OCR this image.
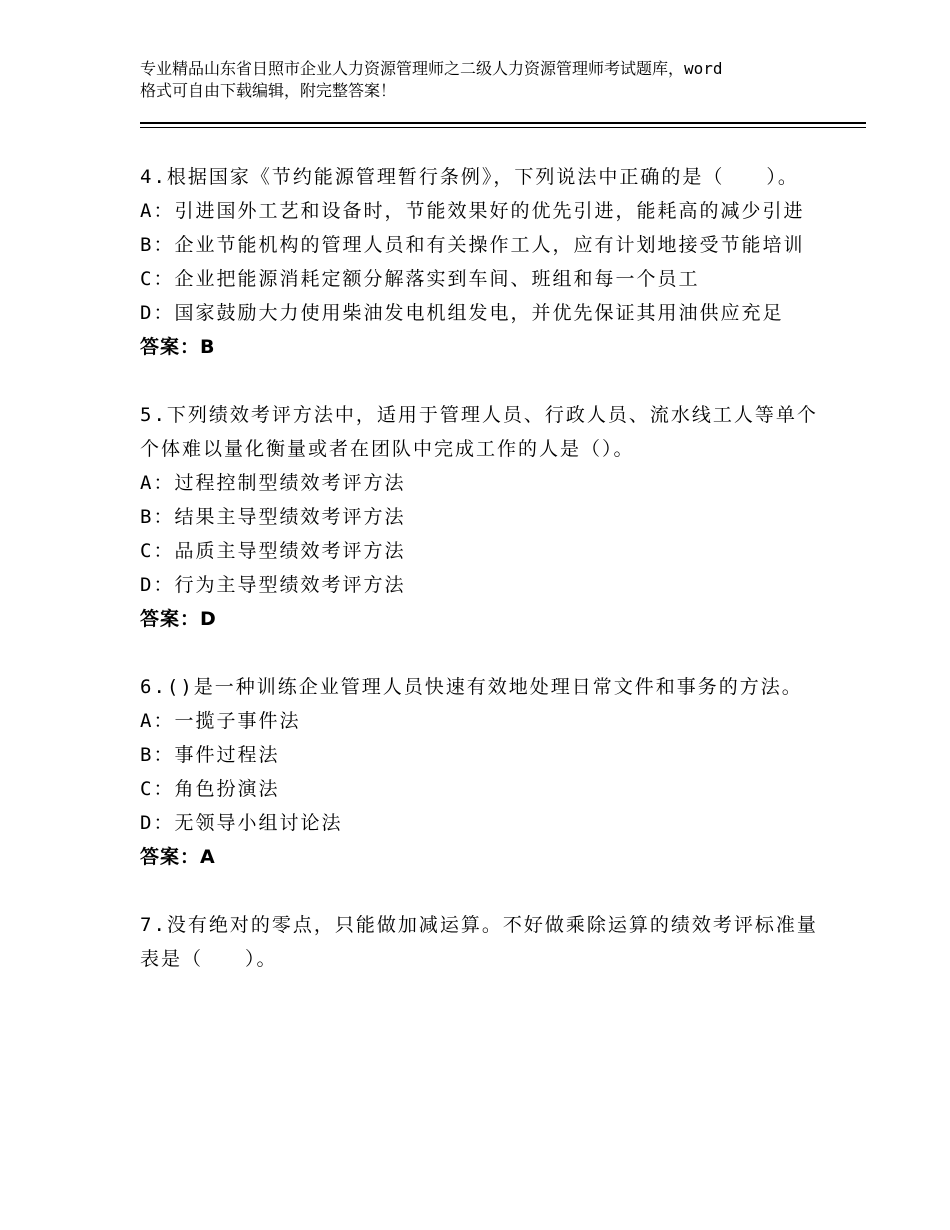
专业精品山东省日照市企业人力资源管理师之二级人力资源管理师考试题库，word
格式可自由下载编辑，附完整答案！

4.根据国家《节约能源管理暂行条例》，下列说法中正确的是（　　）。

A：引进国外工艺和设备时，节能效果好的优先引进，能耗高的减少引进

B：企业节能机构的管理人员和有关操作工人，应有计划地接受节能培训

C：企业把能源消耗定额分解落实到车间、班组和每一个员工

D：国家鼓励大力使用柴油发电机组发电，并优先保证其用油供应充足

答案：B

5.下列绩效考评方法中，适用于管理人员、行政人员、流水线工人等单个个体难以量化衡量或者在团队中完成工作的人是（）。

A：过程控制型绩效考评方法

B：结果主导型绩效考评方法

C：品质主导型绩效考评方法

D：行为主导型绩效考评方法

答案：D

6.()是一种训练企业管理人员快速有效地处理日常文件和事务的方法。

A：一揽子事件法

B：事件过程法

C：角色扮演法

D：无领导小组讨论法

答案：A

7.没有绝对的零点，只能做加减运算。不好做乘除运算的绩效考评标准量表是（　　）。
